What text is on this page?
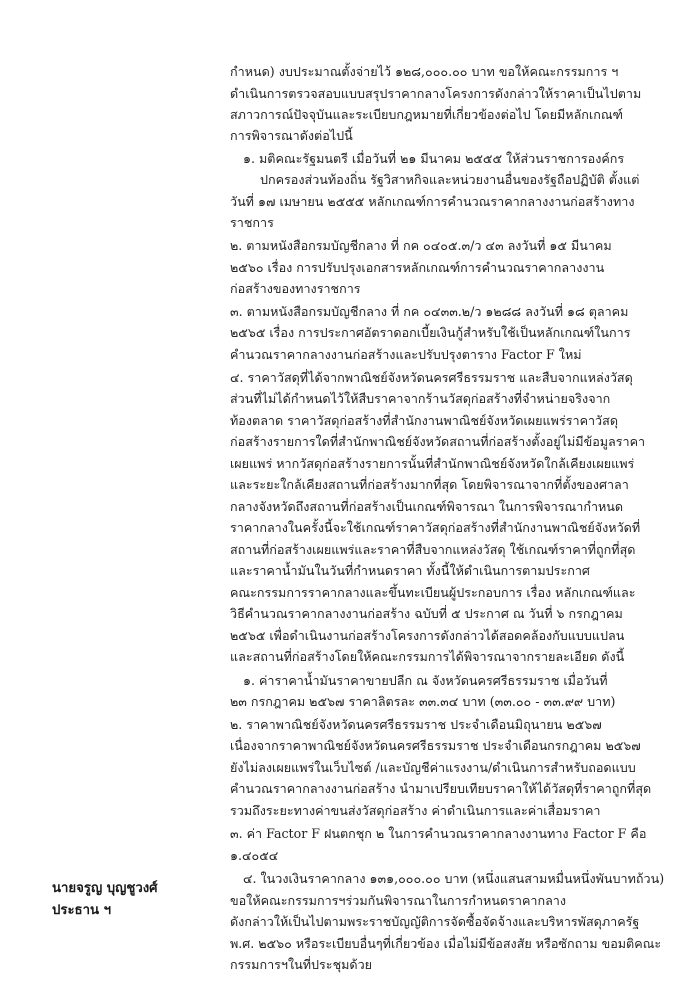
กำหนด) งบประมาณตั้งจ่ายไว้ ๑๒๘,๐๐๐.๐๐ บาท ขอให้คณะกรรมการ ฯ
ดำเนินการตรวจสอบแบบสรุปราคากลางโครงการดังกล่าวให้ราคาเป็นไปตาม
สภาวการณ์ปัจจุบันและระเบียบกฎหมายที่เกี่ยวข้องต่อไป โดยมีหลักเกณฑ์
การพิจารณาดังต่อไปนี้
๑. มติคณะรัฐมนตรี เมื่อวันที่ ๒๑ มีนาคม ๒๕๕๕ ให้ส่วนราชการองค์กร
ปกครองส่วนท้องถิ่น รัฐวิสาหกิจและหน่วยงานอื่นของรัฐถือปฏิบัติ ตั้งแต่
วันที่ ๑๗ เมษายน ๒๕๕๕ หลักเกณฑ์การคำนวณราคากลางงานก่อสร้างทาง
ราชการ
๒. ตามหนังสือกรมบัญชีกลาง ที่ กค ๐๔๐๕.๓/ว ๔๓ ลงวันที่ ๑๕ มีนาคม
๒๕๖๐ เรื่อง การปรับปรุงเอกสารหลักเกณฑ์การคำนวณราคากลางงาน
ก่อสร้างของทางราชการ
๓. ตามหนังสือกรมบัญชีกลาง ที่ กค ๐๔๓๓.๒/ว ๑๒๘๘ ลงวันที่ ๑๘ ตุลาคม
๒๕๖๕ เรื่อง การประกาศอัตราดอกเบี้ยเงินกู้สำหรับใช้เป็นหลักเกณฑ์ในการ
คำนวณราคากลางงานก่อสร้างและปรับปรุงตาราง Factor F ใหม่
๔. ราคาวัสดุที่ได้จากพาณิชย์จังหวัดนครศรีธรรมราช และสืบจากแหล่งวัสดุ
ส่วนที่ไม่ได้กำหนดไว้ให้สืบราคาจากร้านวัสดุก่อสร้างที่จำหน่ายจริงจาก
ท้องตลาด ราคาวัสดุก่อสร้างที่สำนักงานพาณิชย์จังหวัดเผยแพร่ราคาวัสดุ
ก่อสร้างรายการใดที่สำนักพาณิชย์จังหวัดสถานที่ก่อสร้างตั้งอยู่ไม่มีข้อมูลราคา
เผยแพร่ หากวัสดุก่อสร้างรายการนั้นที่สำนักพาณิชย์จังหวัดใกล้เคียงเผยแพร่
และระยะใกล้เคียงสถานที่ก่อสร้างมากที่สุด โดยพิจารณาจากที่ตั้งของศาลา
กลางจังหวัดถึงสถานที่ก่อสร้างเป็นเกณฑ์พิจารณา ในการพิจารณากำหนด
ราคากลางในครั้งนี้จะใช้เกณฑ์ราคาวัสดุก่อสร้างที่สำนักงานพาณิชย์จังหวัดที่
สถานที่ก่อสร้างเผยแพร่และราคาที่สืบจากแหล่งวัสดุ ใช้เกณฑ์ราคาที่ถูกที่สุด
และราคาน้ำมันในวันที่กำหนดราคา ทั้งนี้ให้ดำเนินการตามประกาศ
คณะกรรมการราคากลางและขึ้นทะเบียนผู้ประกอบการ เรื่อง หลักเกณฑ์และ
วิธีคำนวณราคากลางงานก่อสร้าง ฉบับที่ ๕ ประกาศ ณ วันที่ ๖ กรกฎาคม
๒๕๖๕ เพื่อดำเนินงานก่อสร้างโครงการดังกล่าวได้สอดคล้องกับแบบแปลน
และสถานที่ก่อสร้างโดยให้คณะกรรมการได้พิจารณาจากรายละเอียด ดังนี้
๑. ค่าราคาน้ำมันราคาขายปลีก ณ จังหวัดนครศรีธรรมราช เมื่อวันที่
๒๓ กรกฎาคม ๒๕๖๗ ราคาลิตรละ ๓๓.๓๔ บาท (๓๓.๐๐ - ๓๓.๙๙ บาท)
๒. ราคาพาณิชย์จังหวัดนครศรีธรรมราช ประจำเดือนมิถุนายน ๒๕๖๗
เนื่องจากราคาพาณิชย์จังหวัดนครศรีธรรมราช ประจำเดือนกรกฎาคม ๒๕๖๗
ยังไม่ลงเผยแพร่ในเว็บไซต์ /และบัญชีค่าแรงงาน/ดำเนินการสำหรับถอดแบบ
คำนวณราคากลางงานก่อสร้าง นำมาเปรียบเทียบราคาให้ได้วัสดุที่ราคาถูกที่สุด
รวมถึงระยะทางค่าขนส่งวัสดุก่อสร้าง ค่าดำเนินการและค่าเสื่อมราคา
๓. ค่า Factor F ฝนตกชุก ๒ ในการคำนวณราคากลางงานทาง Factor F คือ
๑.๔๐๕๔
๔. ในวงเงินราคากลาง ๑๓๑,๐๐๐.๐๐ บาท (หนึ่งแสนสามหมื่นหนึ่งพันบาทถ้วน)
ขอให้คณะกรรมการฯร่วมกันพิจารณาในการกำหนดราคากลาง
ดังกล่าวให้เป็นไปตามพระราชบัญญัติการจัดซื้อจัดจ้างและบริหารพัสดุภาครัฐ
พ.ศ. ๒๕๖๐ หรือระเบียบอื่นๆที่เกี่ยวข้อง เมื่อไม่มีข้อสงสัย หรือซักถาม ขอมติคณะ
กรรมการฯในที่ประชุมด้วย
นายจรูญ บุญชูวงศ์
ประธาน ฯ
